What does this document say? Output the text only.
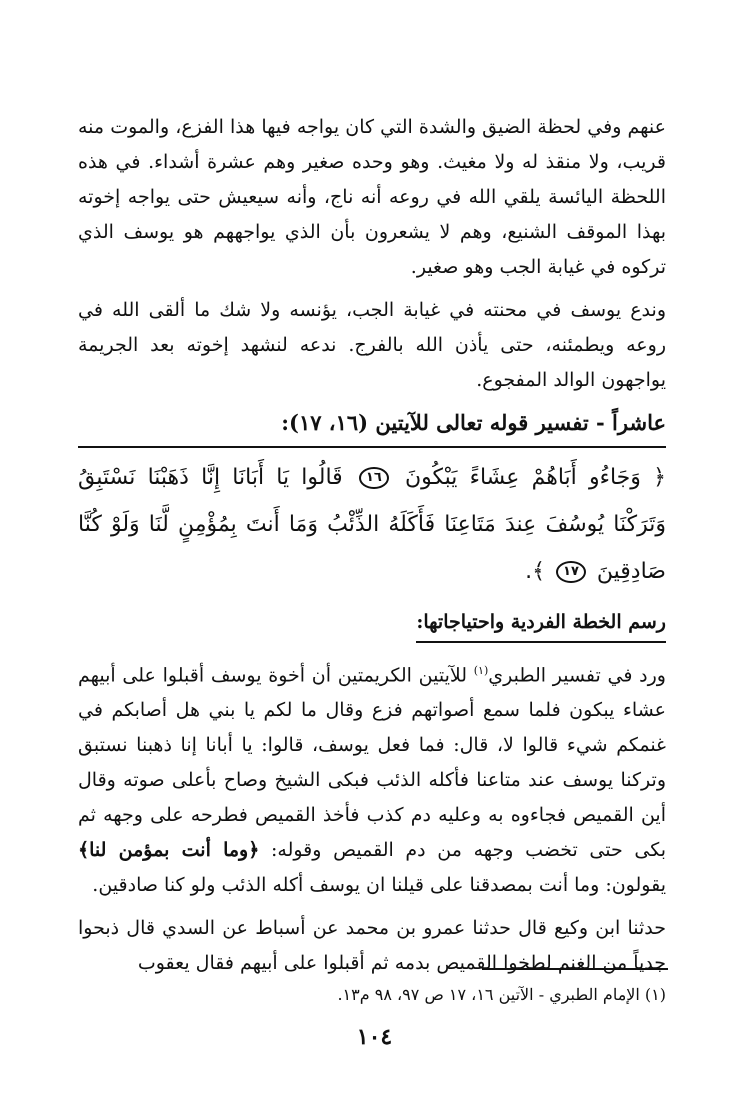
عنهم وفي لحظة الضيق والشدة التي كان يواجه فيها هذا الفزع، والموت منه قريب، ولا منقذ له ولا مغيث. وهو وحده صغير وهم عشرة أشداء. في هذه اللحظة اليائسة يلقي الله في روعه أنه ناج، وأنه سيعيش حتى يواجه إخوته بهذا الموقف الشنيع، وهم لا يشعرون بأن الذي يواجههم هو يوسف الذي تركوه في غيابة الجب وهو صغير.

وندع يوسف في محنته في غيابة الجب، يؤنسه ولا شك ما ألقى الله في روعه ويطمئنه، حتى يأذن الله بالفرج. ندعه لنشهد إخوته بعد الجريمة يواجهون الوالد المفجوع.

عاشراً - تفسير قوله تعالى للآيتين (١٦، ١٧):
﴿ وَجَاءُو أَبَاهُمْ عِشَاءً يَبْكُونَ ١٦ قَالُوا يَا أَبَانَا إِنَّا ذَهَبْنَا نَسْتَبِقُ وَتَرَكْنَا يُوسُفَ عِندَ مَتَاعِنَا فَأَكَلَهُ الذِّئْبُ وَمَا أَنتَ بِمُؤْمِنٍ لَّنَا وَلَوْ كُنَّا صَادِقِينَ ١٧ ﴾.
رسم الخطة الفردية واحتياجاتها:

ورد في تفسير الطبري$^{(١)}$ للآيتين الكريمتين أن أخوة يوسف أقبلوا على أبيهم عشاء يبكون فلما سمع أصواتهم فزع وقال ما لكم يا بني هل أصابكم في غنمكم شيء قالوا لا، قال: فما فعل يوسف، قالوا: يا أبانا إنا ذهبنا نستبق وتركنا يوسف عند متاعنا فأكله الذئب فبكى الشيخ وصاح بأعلى صوته وقال أين القميص فجاءوه به وعليه دم كذب فأخذ القميص فطرحه على وجهه ثم بكى حتى تخضب وجهه من دم القميص وقوله: ﴿وما أنت بمؤمن لنا﴾ يقولون: وما أنت بمصدقنا على قيلنا ان يوسف أكله الذئب ولو كنا صادقين.

حدثنا ابن وكيع قال حدثنا عمرو بن محمد عن أسباط عن السدي قال ذبحوا جدياً من الغنم لطخوا القميص بدمه ثم أقبلوا على أبيهم فقال يعقوب

(١) الإمام الطبري - الآتين ١٦، ١٧ ص ٩٧، ٩٨ م١٣.
١٠٤
